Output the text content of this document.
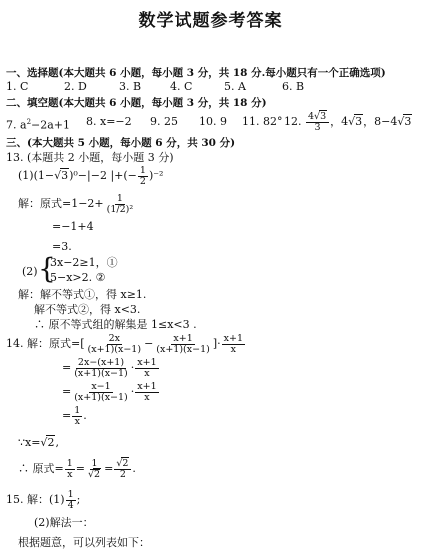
数学试题参考答案
一、选择题(本大题共 6 小题，每小题 3 分，共 18 分.每小题只有一个正确选项)
1. C	2. D	3. B	4. C	5. A	6. B
二、填空题(本大题共 6 小题，每小题 3 分，共 18 分)
7. $a^2-2a+1$ 8. x=−2 9. 25 10. 9 11. 82° 12. $\frac{4√3}{3}$ ，4√3，8−4√3
三、(本大题共 5 小题，每小题 6 分，共 30 分)
13. (本题共 2 小题，每小题 3 分)
(1)(1−√3)⁰−|−2 |+(− $\frac{1}{2} )^{-2}$
解：原式$=1-2+ \frac{1}{\text{(1/2)²}}$
=−1+4
=3.
(2) {
3x−2≥1，①
5−x>2. ②
解：解不等式①，得 x≥1.
解不等式②，得 x<3.
∴ 原不等式组的解集是 1≤x<3 .
14. 解：原式=[ $\frac{2x}{(x+1)(x-1)} - \frac{x+1}{(x+1)(x-1)}$ ]· $\frac{x+1}{x}$
= $\frac{2x-(x+1)}{(x+1)(x-1)} \cdot \frac{x+1}{x}$
= $\frac{x-1}{(x+1)(x-1)} \cdot \frac{x+1}{x}$
= $\frac{1}{x}$ .
∵x=√2,
∴ 原式= $\frac{1}{x} = \frac{1}{√2} = \frac{√2}{2}$ .
15. 解：$(1) \frac{1}{4}$ ;
(2)解法一：
根据题意，可以列表如下：
